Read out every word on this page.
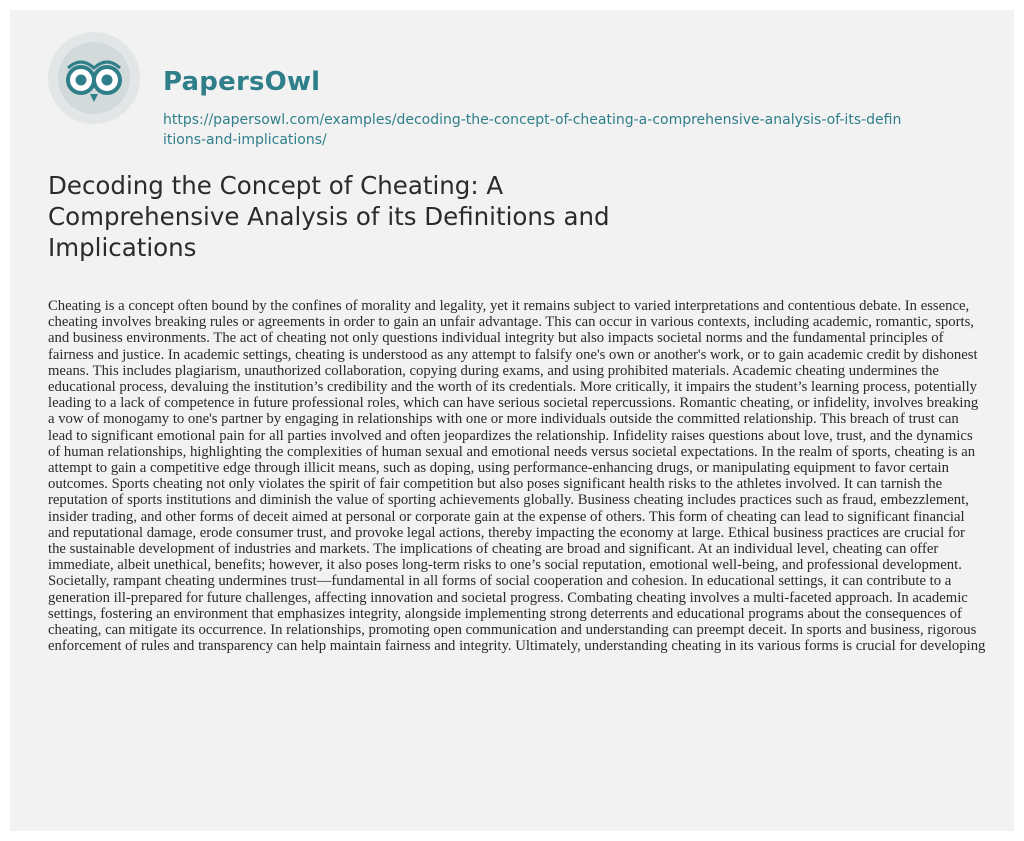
PapersOwl
https://papersowl.com/examples/decoding-the-concept-of-cheating-a-comprehensive-analysis-of-its-definitions-and-implications/
Decoding the Concept of Cheating: A Comprehensive Analysis of its Definitions and Implications

Cheating is a concept often bound by the confines of morality and legality, yet it remains subject to varied interpretations and contentious debate. In essence, cheating involves breaking rules or agreements in order to gain an unfair advantage. This can occur in various contexts, including academic, romantic, sports, and business environments. The act of cheating not only questions individual integrity but also impacts societal norms and the fundamental principles of fairness and justice. In academic settings, cheating is understood as any attempt to falsify one's own or another's work, or to gain academic credit by dishonest means. This includes plagiarism, unauthorized collaboration, copying during exams, and using prohibited materials. Academic cheating undermines the educational process, devaluing the institution’s credibility and the worth of its credentials. More critically, it impairs the student’s learning process, potentially leading to a lack of competence in future professional roles, which can have serious societal repercussions. Romantic cheating, or infidelity, involves breaking a vow of monogamy to one's partner by engaging in relationships with one or more individuals outside the committed relationship. This breach of trust can lead to significant emotional pain for all parties involved and often jeopardizes the relationship. Infidelity raises questions about love, trust, and the dynamics of human relationships, highlighting the complexities of human sexual and emotional needs versus societal expectations. In the realm of sports, cheating is an attempt to gain a competitive edge through illicit means, such as doping, using performance-enhancing drugs, or manipulating equipment to favor certain outcomes. Sports cheating not only violates the spirit of fair competition but also poses significant health risks to the athletes involved. It can tarnish the reputation of sports institutions and diminish the value of sporting achievements globally. Business cheating includes practices such as fraud, embezzlement, insider trading, and other forms of deceit aimed at personal or corporate gain at the expense of others. This form of cheating can lead to significant financial and reputational damage, erode consumer trust, and provoke legal actions, thereby impacting the economy at large. Ethical business practices are crucial for the sustainable development of industries and markets. The implications of cheating are broad and significant. At an individual level, cheating can offer immediate, albeit unethical, benefits; however, it also poses long-term risks to one’s social reputation, emotional well-being, and professional development. Societally, rampant cheating undermines trust—fundamental in all forms of social cooperation and cohesion. In educational settings, it can contribute to a generation ill-prepared for future challenges, affecting innovation and societal progress. Combating cheating involves a multi-faceted approach. In academic settings, fostering an environment that emphasizes integrity, alongside implementing strong deterrents and educational programs about the consequences of cheating, can mitigate its occurrence. In relationships, promoting open communication and understanding can preempt deceit. In sports and business, rigorous enforcement of rules and transparency can help maintain fairness and integrity. Ultimately, understanding cheating in its various forms is crucial for developing
